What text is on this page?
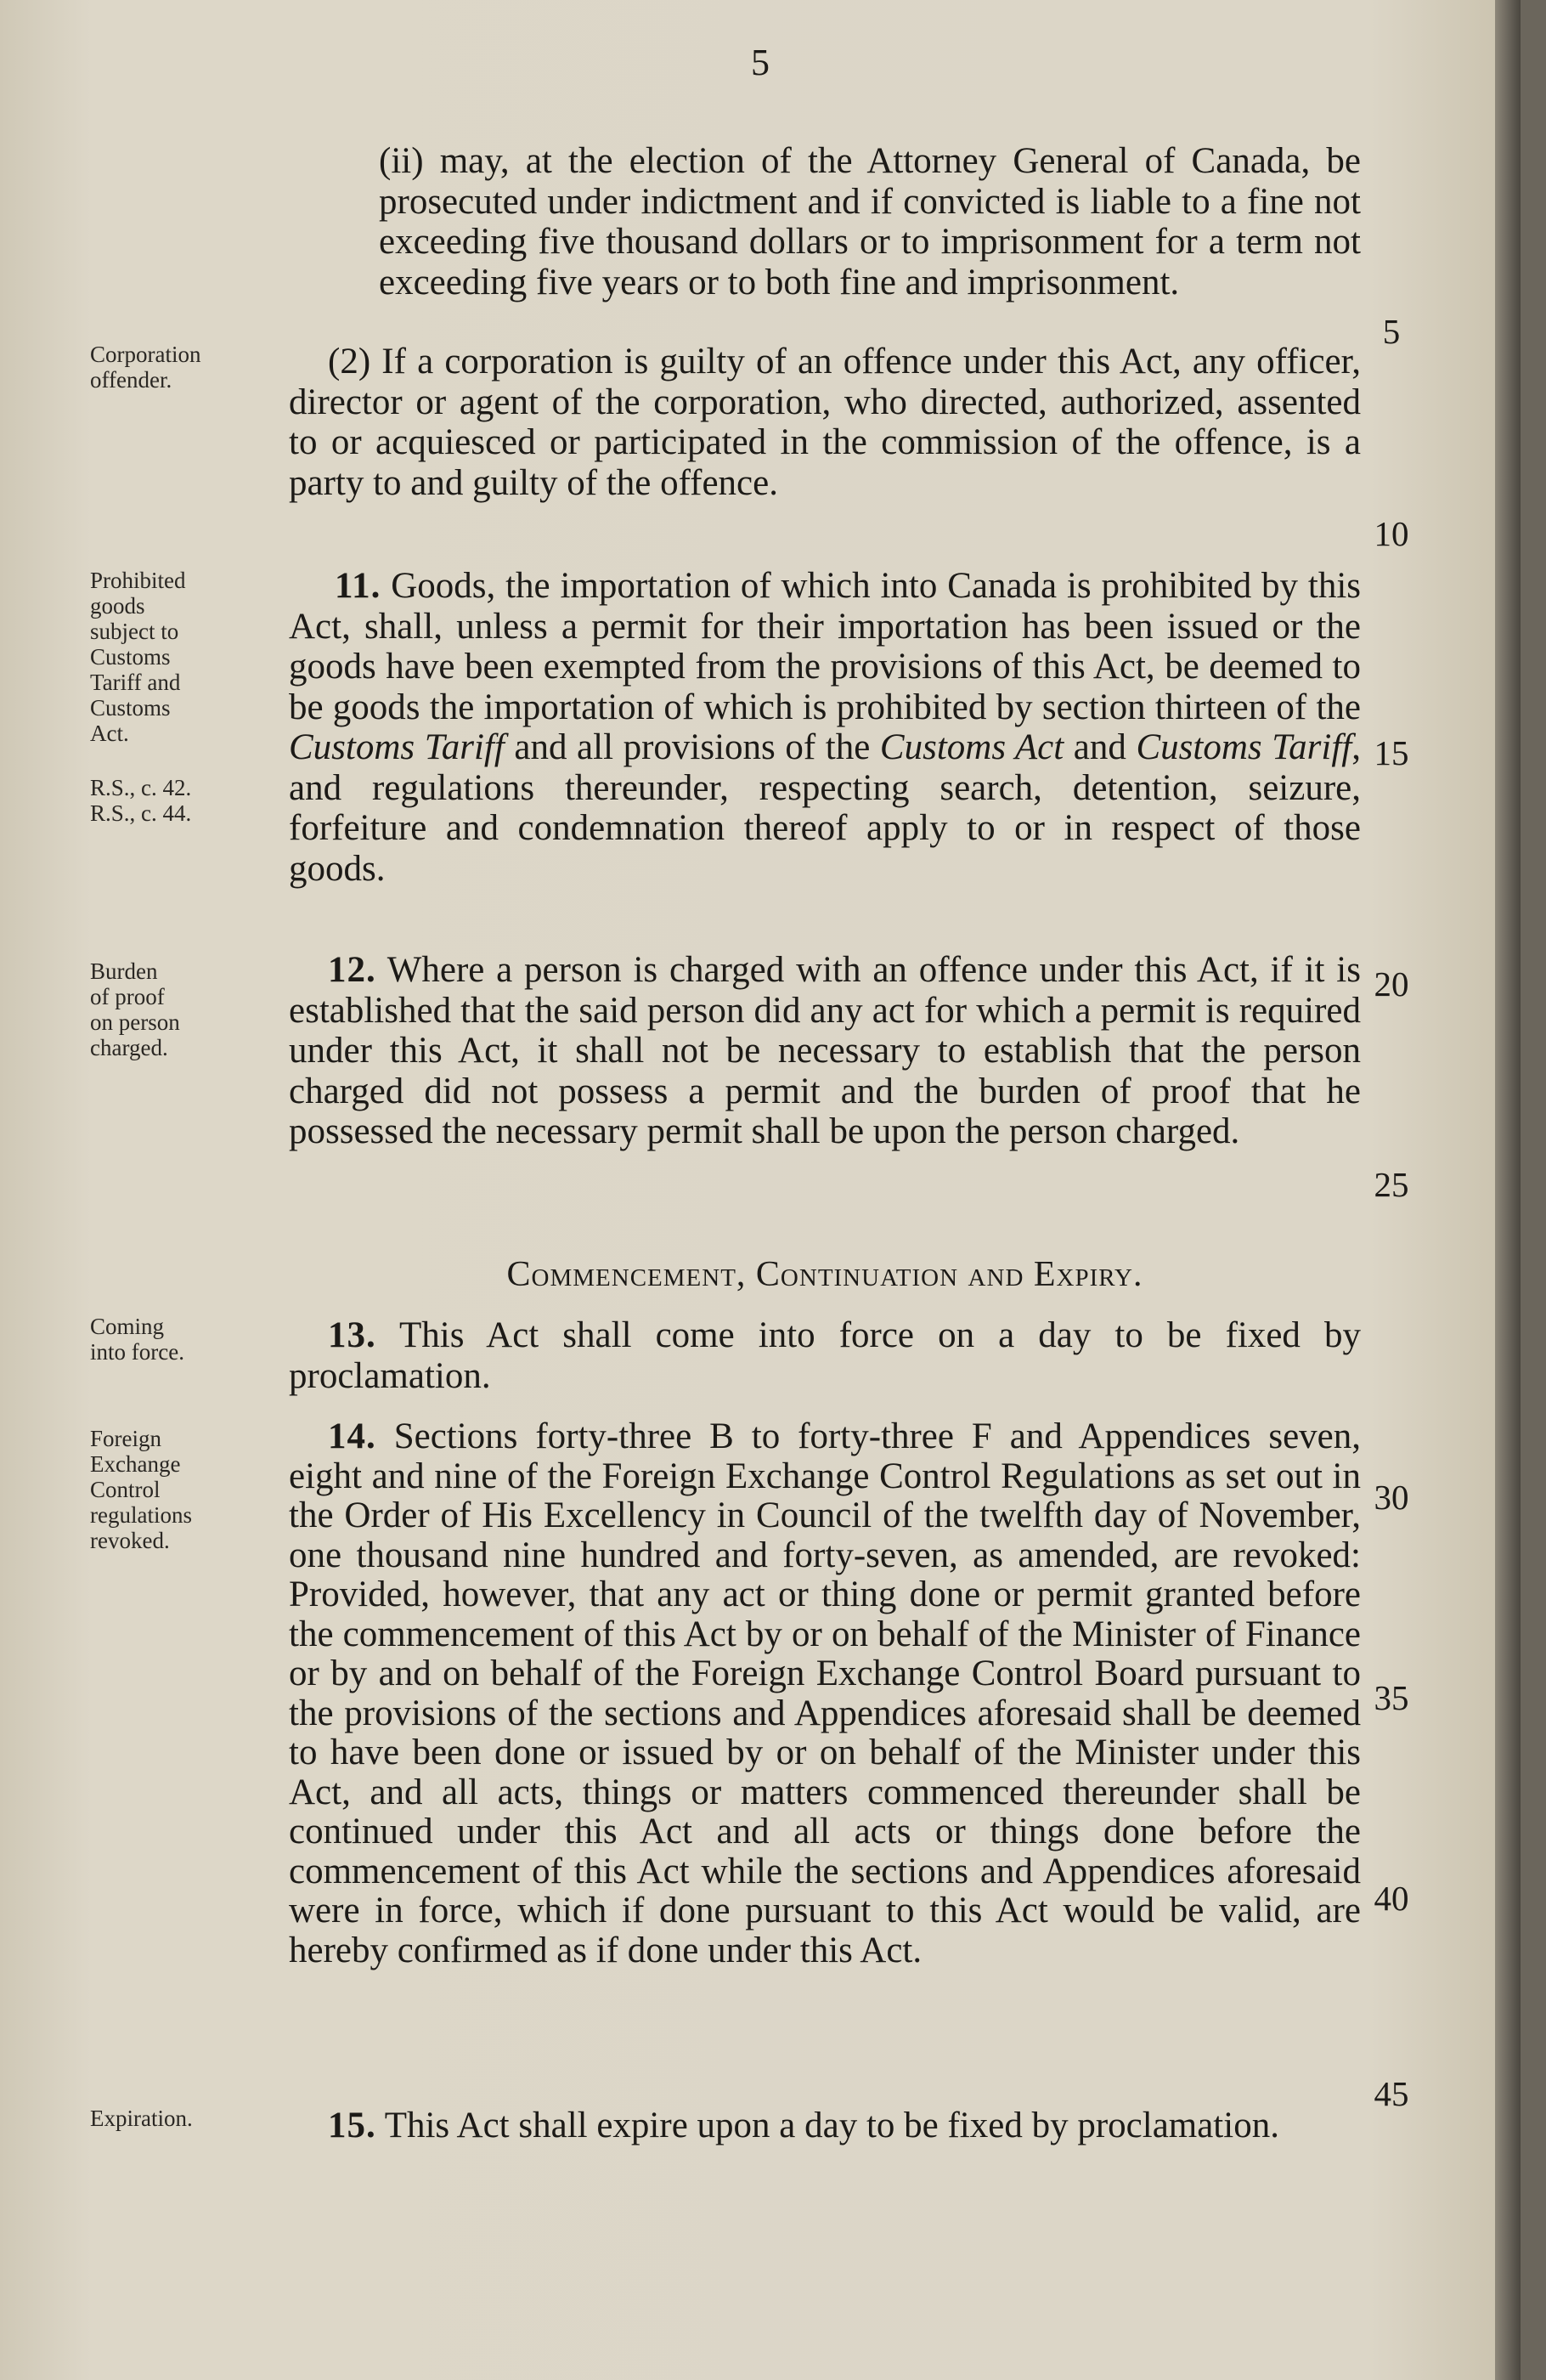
5
Corporation
offender.
Prohibited
goods
subject to
Customs
Tariff and
Customs
Act.
R.S., c. 42.
R.S., c. 44.
Burden
of proof
on person
charged.
Coming
into force.
Foreign
Exchange
Control
regulations
revoked.
Expiration.

(ii) may, at the election of the Attorney General of Canada, be prosecuted under indictment and if convicted is liable to a fine not exceeding five thousand dollars or to imprisonment for a term not exceeding five years or to both fine and imprisonment.

(2) If a corporation is guilty of an offence under this Act, any officer, director or agent of the corporation, who directed, authorized, assented to or acquiesced or participated in the commission of the offence, is a party to and guilty of the offence.

11. Goods, the importation of which into Canada is prohibited by this Act, shall, unless a permit for their importation has been issued or the goods have been exempted from the provisions of this Act, be deemed to be goods the importation of which is prohibited by section thirteen of the Customs Tariff and all provisions of the Customs Act and Customs Tariff, and regulations thereunder, respecting search, detention, seizure, forfeiture and condemnation thereof apply to or in respect of those goods.

12. Where a person is charged with an offence under this Act, if it is established that the said person did any act for which a permit is required under this Act, it shall not be necessary to establish that the person charged did not possess a permit and the burden of proof that he possessed the necessary permit shall be upon the person charged.

Commencement, Continuation and Expiry.

13. This Act shall come into force on a day to be fixed by proclamation.

14. Sections forty-three B to forty-three F and Appendices seven, eight and nine of the Foreign Exchange Control Regulations as set out in the Order of His Excellency in Council of the twelfth day of November, one thousand nine hundred and forty-seven, as amended, are revoked: Provided, however, that any act or thing done or permit granted before the commencement of this Act by or on behalf of the Minister of Finance or by and on behalf of the Foreign Exchange Control Board pursuant to the provisions of the sections and Appendices aforesaid shall be deemed to have been done or issued by or on behalf of the Minister under this Act, and all acts, things or matters commenced thereunder shall be continued under this Act and all acts or things done before the commencement of this Act while the sections and Appendices aforesaid were in force, which if done pursuant to this Act would be valid, are hereby confirmed as if done under this Act.

15. This Act shall expire upon a day to be fixed by proclamation.

5
10
15
20
25
30
35
40
45
